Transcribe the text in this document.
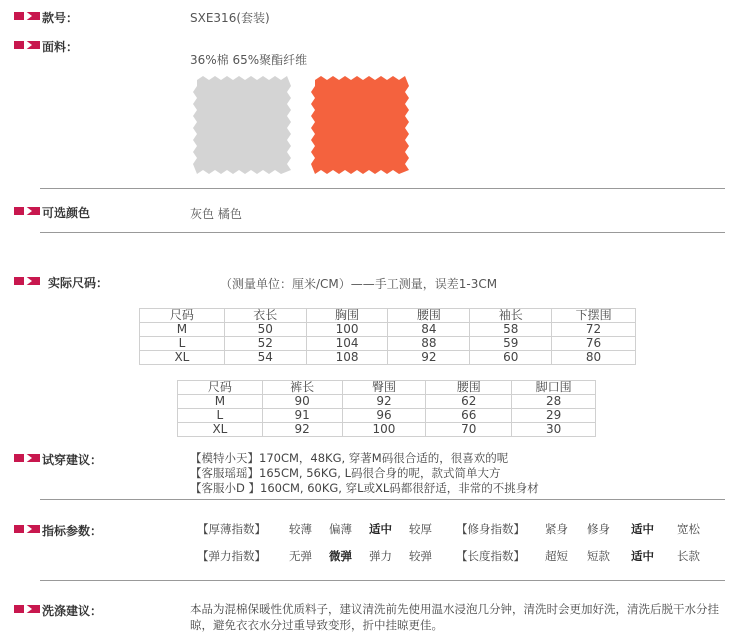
款号：	SXE316(套装)
面料：
36%棉 65%聚酯纤维
可选颜色	灰色 橘色
实际尺码：	（测量单位：厘米/CM）——手工测量，误差1-3CM
尺码	衣长	胸围	腰围	袖长	下摆围
M	50	100	84	58	72
L	52	104	88	59	76
XL	54	108	92	60	80
尺码	裤长	臀围	腰围	脚口围
M	90	92	62	28
L	91	96	66	29
XL	92	100	70	30
试穿建议：	【模特小天】170CM，48KG, 穿著M码很合适的，很喜欢的呢
【客服瑶瑶】165CM, 56KG, L码很合身的呢，款式简单大方
【客服小D 】160CM, 60KG, 穿L或XL码都很舒适，非常的不挑身材
指标参数：	【厚薄指数】 较薄 偏薄 适中 较厚 【修身指数】 紧身 修身 适中 宽松
【弹力指数】 无弹 微弹 弹力 较弹 【长度指数】 超短 短款 适中 长款
洗涤建议：	本品为混棉保暖性优质料子，建议清洗前先使用温水浸泡几分钟，清洗时会更加好洗，清洗后脱干水分挂晾，避免衣衣水分过重导致变形，折中挂晾更佳。
